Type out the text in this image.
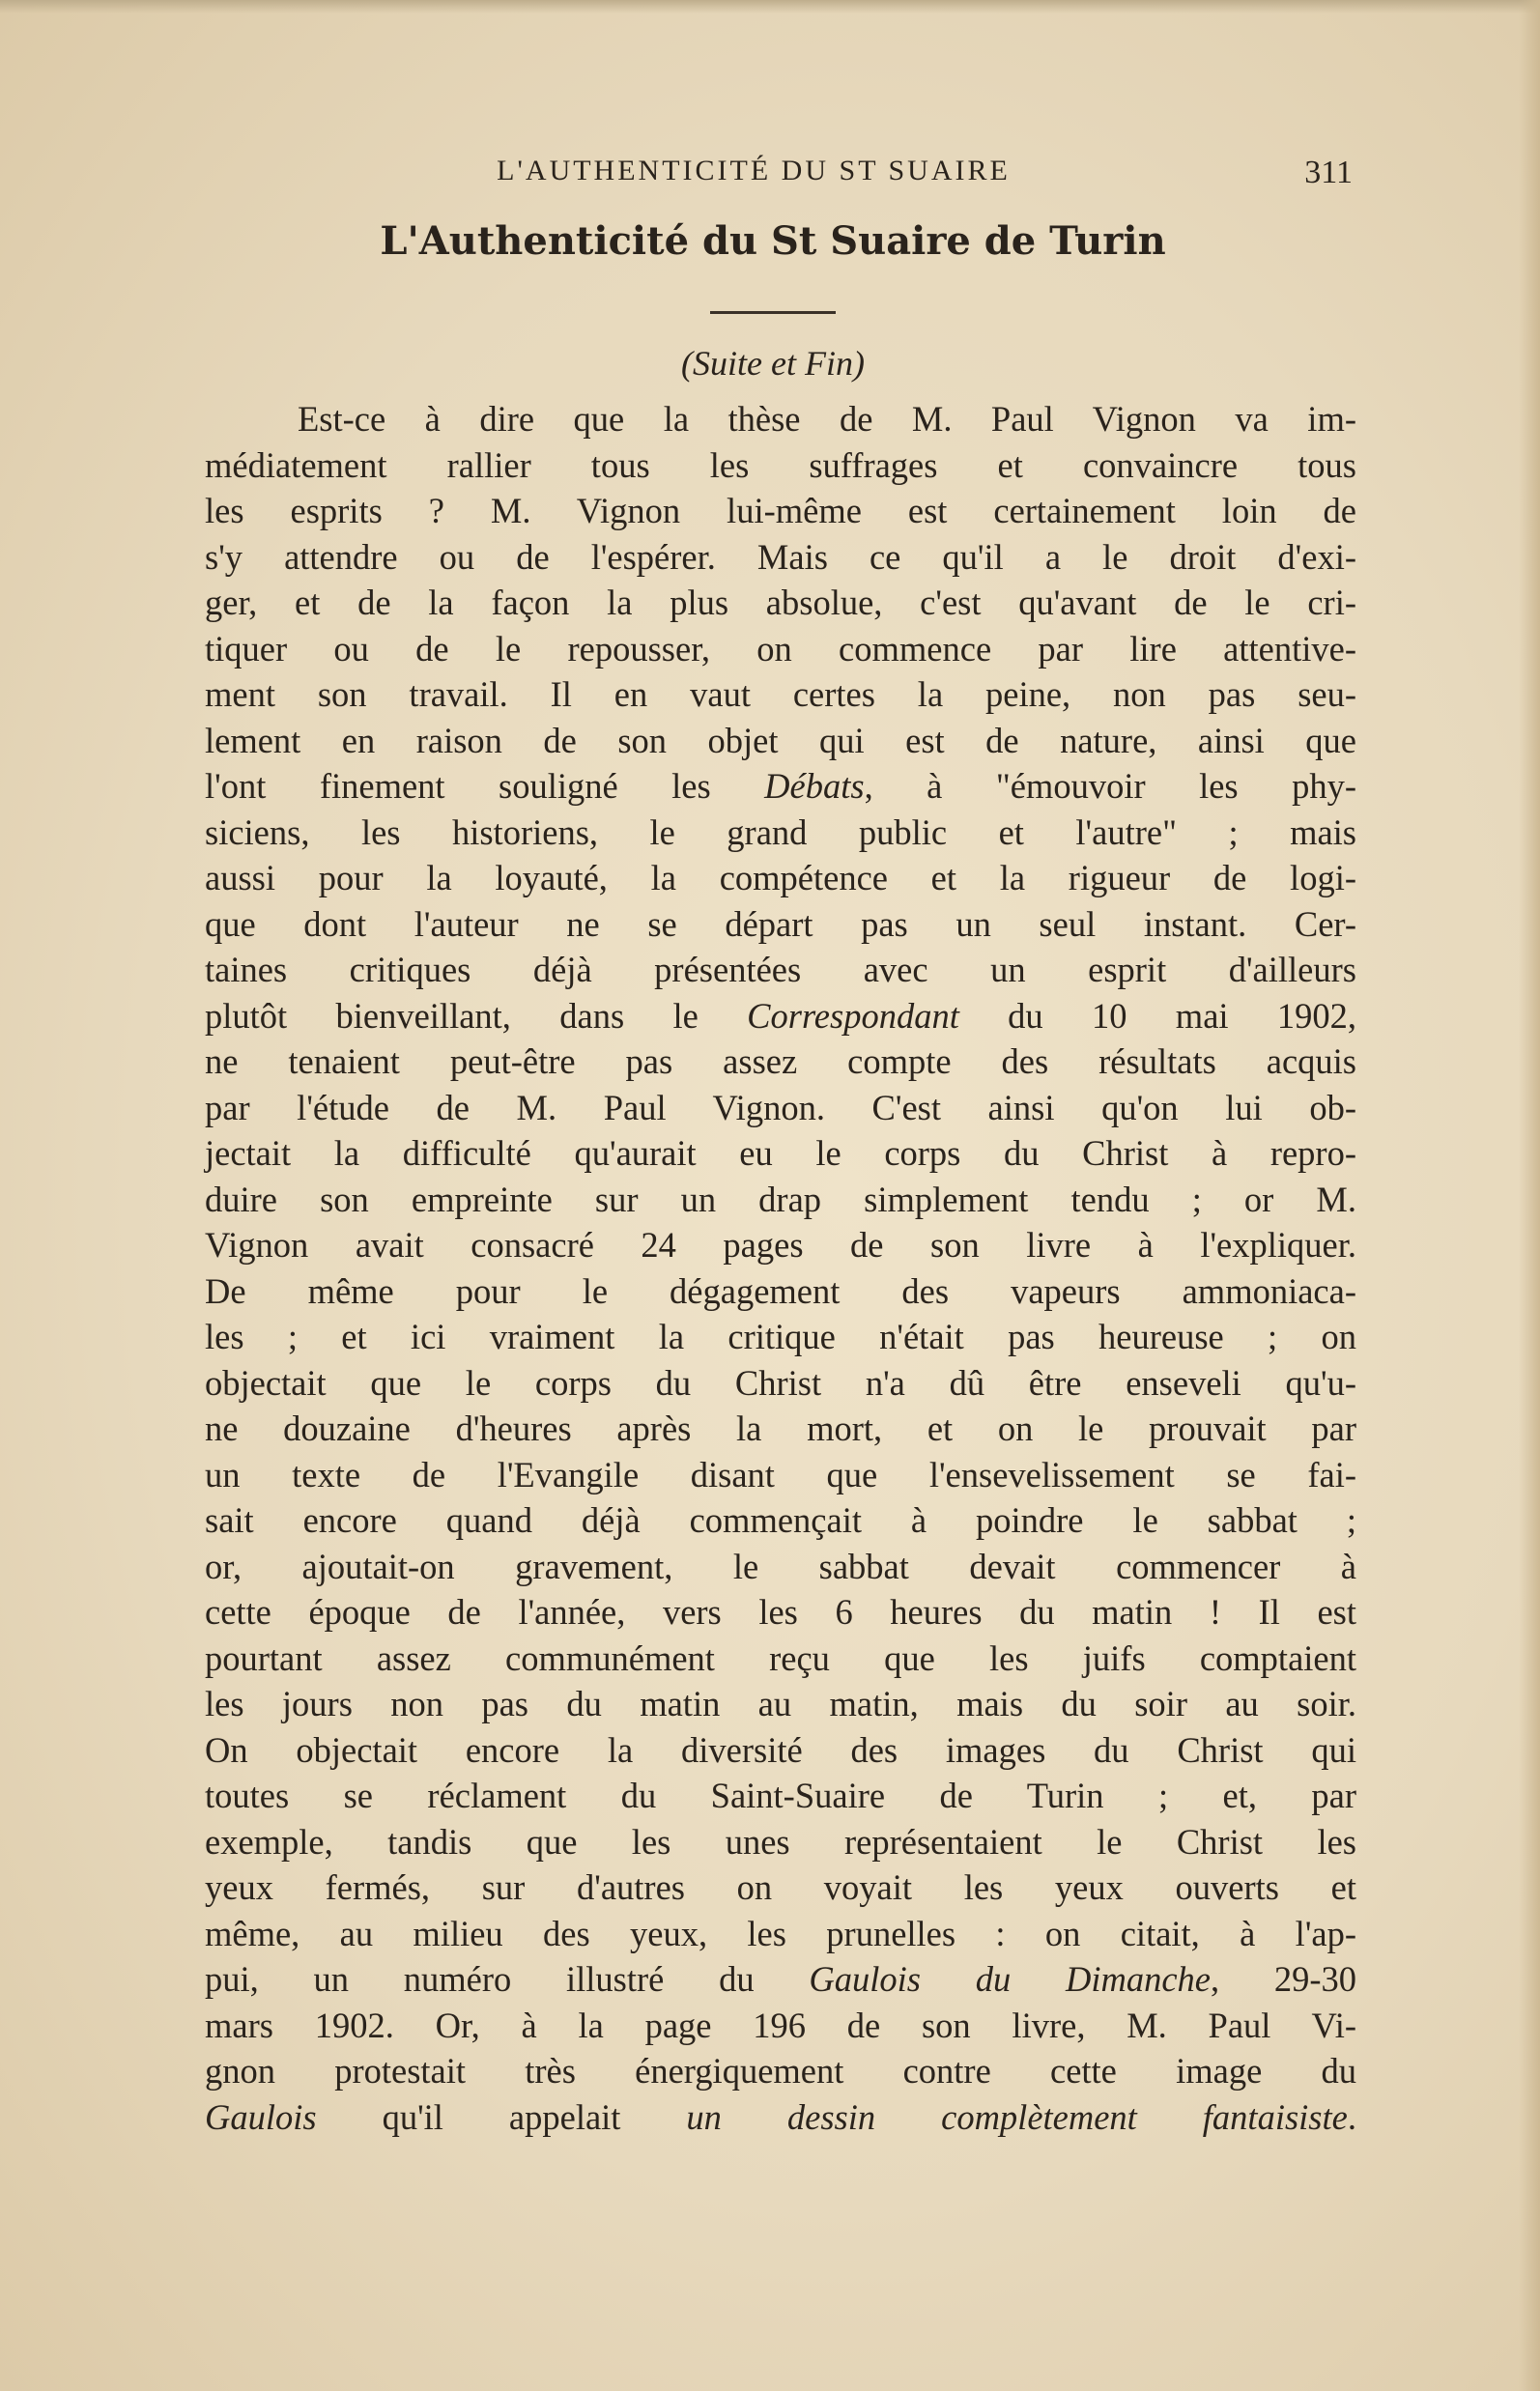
L'AUTHENTICITÉ DU ST SUAIRE	311
L'Authenticité du St Suaire de Turin
(Suite et Fin)
Est-ce à dire que la thèse de M. Paul Vignon va im-
médiatement rallier tous les suffrages et convaincre tous
les esprits ? M. Vignon lui-même est certainement loin de
s'y attendre ou de l'espérer. Mais ce qu'il a le droit d'exi-
ger, et de la façon la plus absolue, c'est qu'avant de le cri-
tiquer ou de le repousser, on commence par lire attentive-
ment son travail. Il en vaut certes la peine, non pas seu-
lement en raison de son objet qui est de nature, ainsi que
l'ont finement souligné les Débats, à "émouvoir les phy-
siciens, les historiens, le grand public et l'autre" ; mais
aussi pour la loyauté, la compétence et la rigueur de logi-
que dont l'auteur ne se départ pas un seul instant. Cer-
taines critiques déjà présentées avec un esprit d'ailleurs
plutôt bienveillant, dans le Correspondant du 10 mai 1902,
ne tenaient peut-être pas assez compte des résultats acquis
par l'étude de M. Paul Vignon. C'est ainsi qu'on lui ob-
jectait la difficulté qu'aurait eu le corps du Christ à repro-
duire son empreinte sur un drap simplement tendu ; or M.
Vignon avait consacré 24 pages de son livre à l'expliquer.
De même pour le dégagement des vapeurs ammoniaca-
les ; et ici vraiment la critique n'était pas heureuse ; on
objectait que le corps du Christ n'a dû être enseveli qu'u-
ne douzaine d'heures après la mort, et on le prouvait par
un texte de l'Evangile disant que l'ensevelissement se fai-
sait encore quand déjà commençait à poindre le sabbat ;
or, ajoutait-on gravement, le sabbat devait commencer à
cette époque de l'année, vers les 6 heures du matin ! Il est
pourtant assez communément reçu que les juifs comptaient
les jours non pas du matin au matin, mais du soir au soir.
On objectait encore la diversité des images du Christ qui
toutes se réclament du Saint-Suaire de Turin ; et, par
exemple, tandis que les unes représentaient le Christ les
yeux fermés, sur d'autres on voyait les yeux ouverts et
même, au milieu des yeux, les prunelles : on citait, à l'ap-
pui, un numéro illustré du Gaulois du Dimanche, 29-30
mars 1902. Or, à la page 196 de son livre, M. Paul Vi-
gnon protestait très énergiquement contre cette image du
Gaulois qu'il appelait un dessin complètement fantaisiste.
